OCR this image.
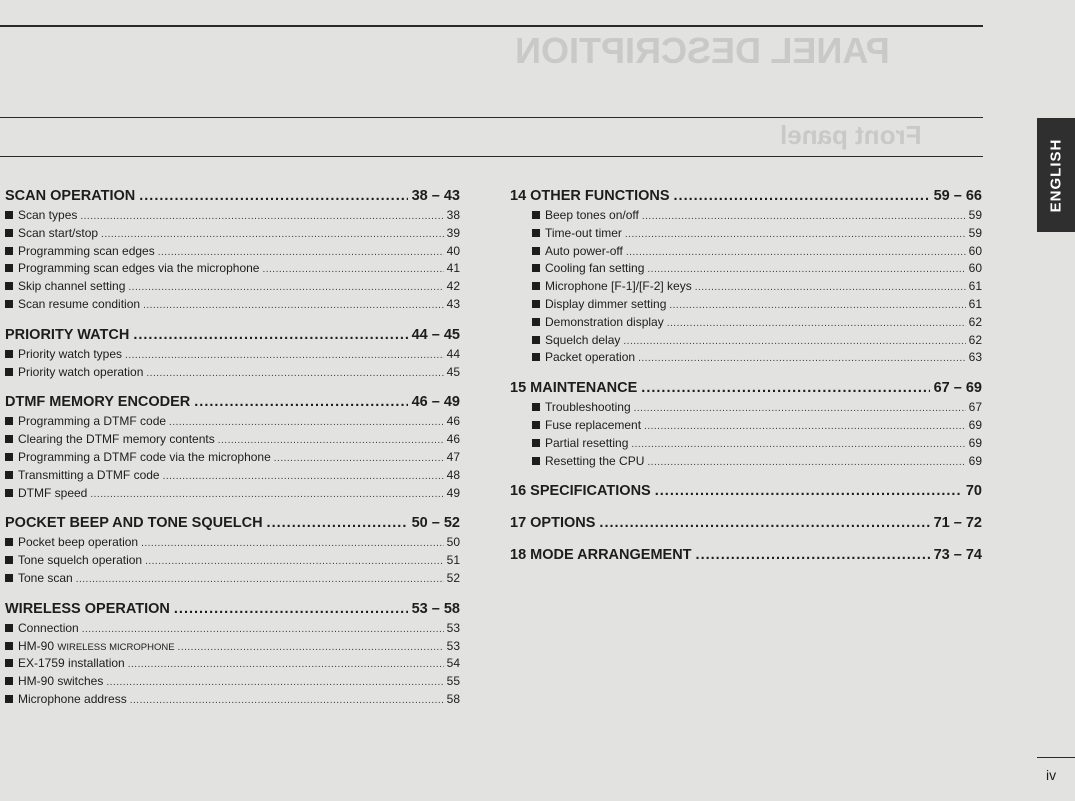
PANEL DESCRIPTION
Front panel
ENGLISH
SCAN OPERATION .....	38 – 43
Scan types .....	38
Scan start/stop .....	39
Programming scan edges .....	40
Programming scan edges via the microphone .....	41
Skip channel setting .....	42
Scan resume condition .....	43
PRIORITY WATCH .....	44 – 45
Priority watch types .....	44
Priority watch operation .....	45
DTMF MEMORY ENCODER .....	46 – 49
Programming a DTMF code .....	46
Clearing the DTMF memory contents .....	46
Programming a DTMF code via the microphone .....	47
Transmitting a DTMF code .....	48
DTMF speed .....	49
POCKET BEEP AND TONE SQUELCH .....	50 – 52
Pocket beep operation .....	50
Tone squelch operation .....	51
Tone scan .....	52
WIRELESS OPERATION .....	53 – 58
Connection .....	53
HM-90 WIRELESS MICROPHONE .....	53
EX-1759 installation .....	54
HM-90 switches .....	55
Microphone address .....	58
14 OTHER FUNCTIONS .....	59 – 66
Beep tones on/off .....	59
Time-out timer .....	59
Auto power-off .....	60
Cooling fan setting .....	60
Microphone [F-1]/[F-2] keys .....	61
Display dimmer setting .....	61
Demonstration display .....	62
Squelch delay .....	62
Packet operation .....	63
15 MAINTENANCE .....	67 – 69
Troubleshooting .....	67
Fuse replacement .....	69
Partial resetting .....	69
Resetting the CPU .....	69
16 SPECIFICATIONS .....	70
17 OPTIONS .....	71 – 72
18 MODE ARRANGEMENT .....	73 – 74
iv
